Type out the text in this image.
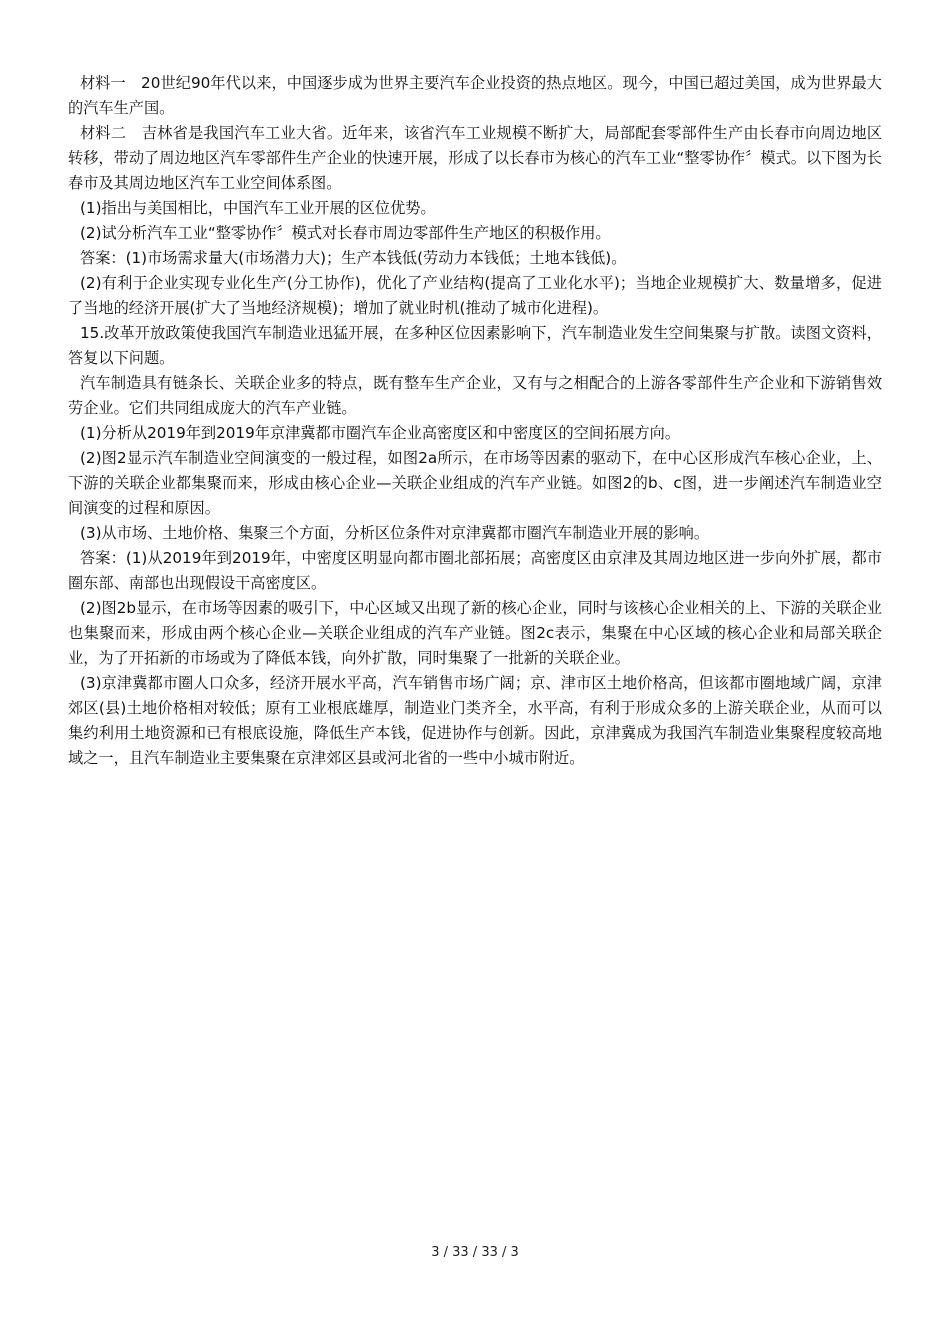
材料一　20世纪90年代以来，中国逐步成为世界主要汽车企业投资的热点地区。现今，中国已超过美国，成为世界最大的汽车生产国。

材料二　吉林省是我国汽车工业大省。近年来，该省汽车工业规模不断扩大，局部配套零部件生产由长春市向周边地区转移，带动了周边地区汽车零部件生产企业的快速开展，形成了以长春市为核心的汽车工业“整零协作〞模式。以下图为长春市及其周边地区汽车工业空间体系图。

(1)指出与美国相比，中国汽车工业开展的区位优势。

(2)试分析汽车工业“整零协作〞模式对长春市周边零部件生产地区的积极作用。

答案：(1)市场需求量大(市场潜力大)；生产本钱低(劳动力本钱低；土地本钱低)。

(2)有利于企业实现专业化生产(分工协作)，优化了产业结构(提高了工业化水平)；当地企业规模扩大、数量增多，促进了当地的经济开展(扩大了当地经济规模)；增加了就业时机(推动了城市化进程)。

15.改革开放政策使我国汽车制造业迅猛开展，在多种区位因素影响下，汽车制造业发生空间集聚与扩散。读图文资料，答复以下问题。

汽车制造具有链条长、关联企业多的特点，既有整车生产企业，又有与之相配合的上游各零部件生产企业和下游销售效劳企业。它们共同组成庞大的汽车产业链。

(1)分析从2019年到2019年京津冀都市圈汽车企业高密度区和中密度区的空间拓展方向。

(2)图2显示汽车制造业空间演变的一般过程，如图2a所示，在市场等因素的驱动下，在中心区形成汽车核心企业，上、下游的关联企业都集聚而来，形成由核心企业—关联企业组成的汽车产业链。如图2的b、c图，进一步阐述汽车制造业空间演变的过程和原因。

(3)从市场、土地价格、集聚三个方面，分析区位条件对京津冀都市圈汽车制造业开展的影响。

答案：(1)从2019年到2019年，中密度区明显向都市圈北部拓展；高密度区由京津及其周边地区进一步向外扩展，都市圈东部、南部也出现假设干高密度区。

(2)图2b显示，在市场等因素的吸引下，中心区域又出现了新的核心企业，同时与该核心企业相关的上、下游的关联企业也集聚而来，形成由两个核心企业—关联企业组成的汽车产业链。图2c表示，集聚在中心区域的核心企业和局部关联企业，为了开拓新的市场或为了降低本钱，向外扩散，同时集聚了一批新的关联企业。

(3)京津冀都市圈人口众多，经济开展水平高，汽车销售市场广阔；京、津市区土地价格高，但该都市圈地域广阔，京津郊区(县)土地价格相对较低；原有工业根底雄厚，制造业门类齐全，水平高，有利于形成众多的上游关联企业，从而可以集约利用土地资源和已有根底设施，降低生产本钱，促进协作与创新。因此，京津冀成为我国汽车制造业集聚程度较高地域之一，且汽车制造业主要集聚在京津郊区县或河北省的一些中小城市附近。

3 / 33 / 33 / 3
